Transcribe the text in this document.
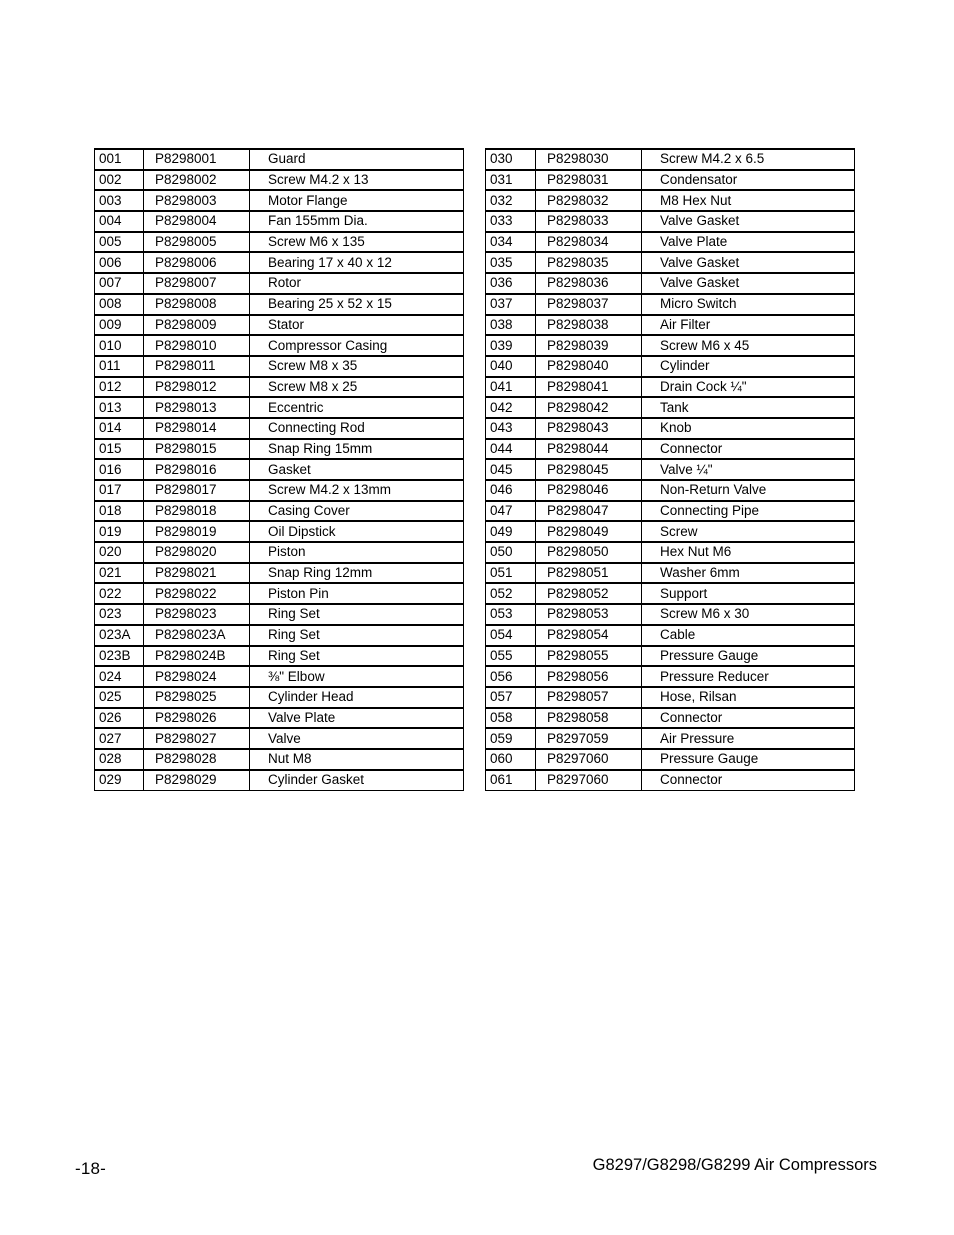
001	P8298001	Guard
002	P8298002	Screw M4.2 x 13
003	P8298003	Motor Flange
004	P8298004	Fan 155mm Dia.
005	P8298005	Screw M6 x 135
006	P8298006	Bearing 17 x 40 x 12
007	P8298007	Rotor
008	P8298008	Bearing 25 x 52 x 15
009	P8298009	Stator
010	P8298010	Compressor Casing
011	P8298011	Screw M8 x 35
012	P8298012	Screw M8 x 25
013	P8298013	Eccentric
014	P8298014	Connecting Rod
015	P8298015	Snap Ring 15mm
016	P8298016	Gasket
017	P8298017	Screw M4.2 x 13mm
018	P8298018	Casing Cover
019	P8298019	Oil Dipstick
020	P8298020	Piston
021	P8298021	Snap Ring 12mm
022	P8298022	Piston Pin
023	P8298023	Ring Set
023A	P8298023A	Ring Set
023B	P8298024B	Ring Set
024	P8298024	⅜" Elbow
025	P8298025	Cylinder Head
026	P8298026	Valve Plate
027	P8298027	Valve
028	P8298028	Nut M8
029	P8298029	Cylinder Gasket
030	P8298030	Screw M4.2 x 6.5
031	P8298031	Condensator
032	P8298032	M8 Hex Nut
033	P8298033	Valve Gasket
034	P8298034	Valve Plate
035	P8298035	Valve Gasket
036	P8298036	Valve Gasket
037	P8298037	Micro Switch
038	P8298038	Air Filter
039	P8298039	Screw M6 x 45
040	P8298040	Cylinder
041	P8298041	Drain Cock ¼"
042	P8298042	Tank
043	P8298043	Knob
044	P8298044	Connector
045	P8298045	Valve ¼"
046	P8298046	Non-Return Valve
047	P8298047	Connecting Pipe
049	P8298049	Screw
050	P8298050	Hex Nut M6
051	P8298051	Washer 6mm
052	P8298052	Support
053	P8298053	Screw M6 x 30
054	P8298054	Cable
055	P8298055	Pressure Gauge
056	P8298056	Pressure Reducer
057	P8298057	Hose, Rilsan
058	P8298058	Connector
059	P8297059	Air Pressure
060	P8297060	Pressure Gauge
061	P8297060	Connector
-18-	G8297/G8298/G8299 Air Compressors
